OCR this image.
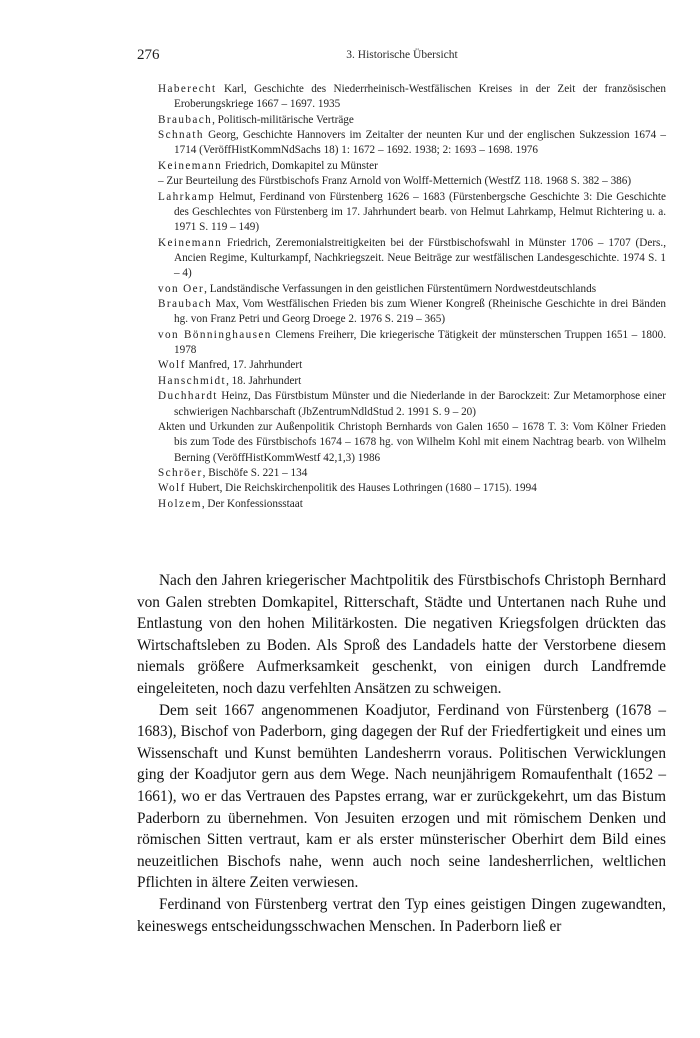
276	3. Historische Übersicht
Haberecht Karl, Geschichte des Niederrheinisch-Westfälischen Kreises in der Zeit der französischen Eroberungskriege 1667 – 1697. 1935
Braubach, Politisch-militärische Verträge
Schnath Georg, Geschichte Hannovers im Zeitalter der neunten Kur und der englischen Sukzession 1674 – 1714 (VeröffHistKommNdSachs 18) 1: 1672 – 1692. 1938; 2: 1693 – 1698. 1976
Keinemann Friedrich, Domkapitel zu Münster
– Zur Beurteilung des Fürstbischofs Franz Arnold von Wolff-Metternich (WestfZ 118. 1968 S. 382 – 386)
Lahrkamp Helmut, Ferdinand von Fürstenberg 1626 – 1683 (Fürstenbergsche Geschichte 3: Die Geschichte des Geschlechtes von Fürstenberg im 17. Jahrhundert bearb. von Helmut Lahrkamp, Helmut Richtering u. a. 1971 S. 119 – 149)
Keinemann Friedrich, Zeremonialstreitigkeiten bei der Fürstbischofswahl in Münster 1706 – 1707 (Ders., Ancien Regime, Kulturkampf, Nachkriegszeit. Neue Beiträge zur westfälischen Landesgeschichte. 1974 S. 1 – 4)
von Oer, Landständische Verfassungen in den geistlichen Fürstentümern Nordwestdeutschlands
Braubach Max, Vom Westfälischen Frieden bis zum Wiener Kongreß (Rheinische Geschichte in drei Bänden hg. von Franz Petri und Georg Droege 2. 1976 S. 219 – 365)
von Bönninghausen Clemens Freiherr, Die kriegerische Tätigkeit der münsterschen Truppen 1651 – 1800. 1978
Wolf Manfred, 17. Jahrhundert
Hanschmidt, 18. Jahrhundert
Duchhardt Heinz, Das Fürstbistum Münster und die Niederlande in der Barockzeit: Zur Metamorphose einer schwierigen Nachbarschaft (JbZentrumNdldStud 2. 1991 S. 9 – 20)
Akten und Urkunden zur Außenpolitik Christoph Bernhards von Galen 1650 – 1678 T. 3: Vom Kölner Frieden bis zum Tode des Fürstbischofs 1674 – 1678 hg. von Wilhelm Kohl mit einem Nachtrag bearb. von Wilhelm Berning (VeröffHistKommWestf 42,1,3) 1986
Schröer, Bischöfe S. 221 – 134
Wolf Hubert, Die Reichskirchenpolitik des Hauses Lothringen (1680 – 1715). 1994
Holzem, Der Konfessionsstaat

Nach den Jahren kriegerischer Machtpolitik des Fürstbischofs Christoph Bernhard von Galen strebten Domkapitel, Ritterschaft, Städte und Untertanen nach Ruhe und Entlastung von den hohen Militärkosten. Die negativen Kriegsfolgen drückten das Wirtschaftsleben zu Boden. Als Sproß des Landadels hatte der Verstorbene diesem niemals größere Aufmerksamkeit geschenkt, von einigen durch Landfremde eingeleiteten, noch dazu verfehlten Ansätzen zu schweigen.

Dem seit 1667 angenommenen Koadjutor, Ferdinand von Fürstenberg (1678 – 1683), Bischof von Paderborn, ging dagegen der Ruf der Friedfertigkeit und eines um Wissenschaft und Kunst bemühten Landesherrn voraus. Politischen Verwicklungen ging der Koadjutor gern aus dem Wege. Nach neunjährigem Romaufenthalt (1652 – 1661), wo er das Vertrauen des Papstes errang, war er zurückgekehrt, um das Bistum Paderborn zu übernehmen. Von Jesuiten erzogen und mit römischem Denken und römischen Sitten vertraut, kam er als erster münsterischer Oberhirt dem Bild eines neuzeitlichen Bischofs nahe, wenn auch noch seine landesherrlichen, weltlichen Pflichten in ältere Zeiten verwiesen.

Ferdinand von Fürstenberg vertrat den Typ eines geistigen Dingen zugewandten, keineswegs entscheidungsschwachen Menschen. In Paderborn ließ er
